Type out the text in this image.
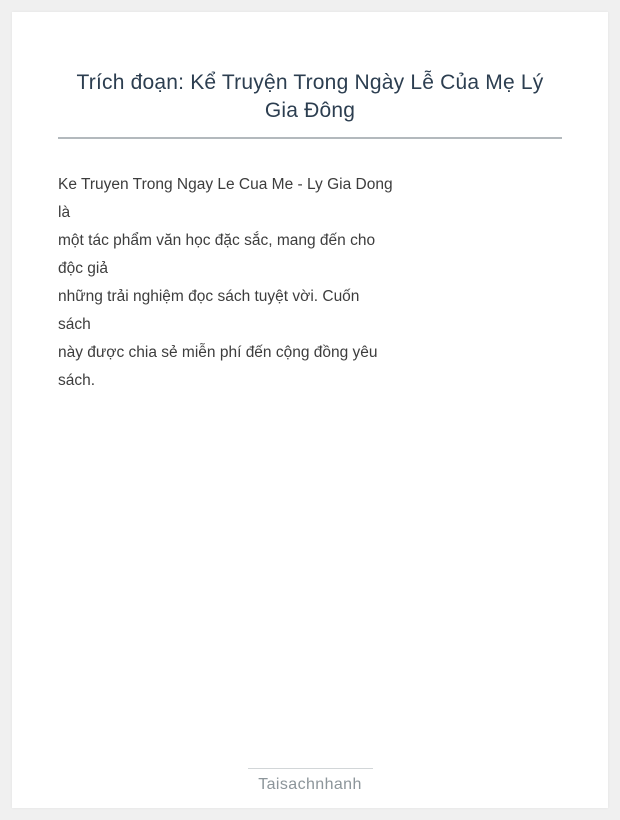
Trích đoạn: Kể Truyện Trong Ngày Lễ Của Mẹ Lý Gia Đông
Ke Truyen Trong Ngay Le Cua Me - Ly Gia Dong
là
một tác phẩm văn học đặc sắc, mang đến cho
độc giả
những trải nghiệm đọc sách tuyệt vời. Cuốn
sách
này được chia sẻ miễn phí đến cộng đồng yêu
sách.
Taisachnhanh
